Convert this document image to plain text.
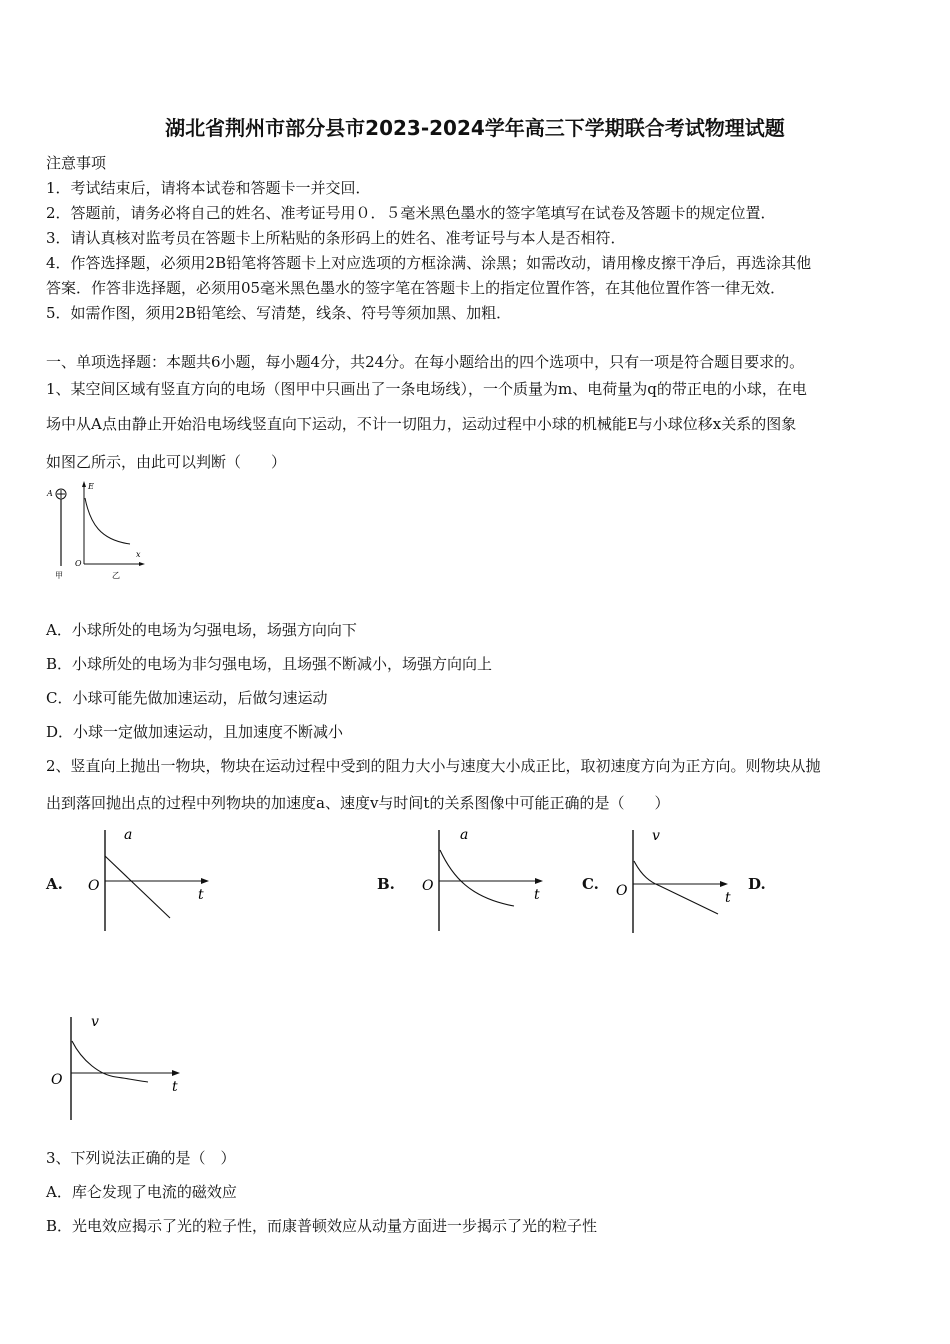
湖北省荆州市部分县市2023-2024学年高三下学期联合考试物理试题
注意事项
1．考试结束后，请将本试卷和答题卡一并交回．
2．答题前，请务必将自己的姓名、准考证号用０．５毫米黑色墨水的签字笔填写在试卷及答题卡的规定位置．
3．请认真核对监考员在答题卡上所粘贴的条形码上的姓名、准考证号与本人是否相符．
4．作答选择题，必须用2B铅笔将答题卡上对应选项的方框涂满、涂黑；如需改动，请用橡皮擦干净后，再选涂其他
答案．作答非选择题，必须用05毫米黑色墨水的签字笔在答题卡上的指定位置作答，在其他位置作答一律无效．
5．如需作图，须用2B铅笔绘、写清楚，线条、符号等须加黑、加粗．
一、单项选择题：本题共6小题，每小题4分，共24分。在每小题给出的四个选项中，只有一项是符合题目要求的。
1、某空间区域有竖直方向的电场（图甲中只画出了一条电场线），一个质量为m、电荷量为q的带正电的小球，在电
场中从A点由静止开始沿电场线竖直向下运动，不计一切阻力，运动过程中小球的机械能E与小球位移x关系的图象
如图乙所示，由此可以判断（　　）
A
甲
E
x
O
乙
A．小球所处的电场为匀强电场，场强方向向下
B．小球所处的电场为非匀强电场，且场强不断减小，场强方向向上
C．小球可能先做加速运动，后做匀速运动
D．小球一定做加速运动，且加速度不断减小
2、竖直向上抛出一物块，物块在运动过程中受到的阻力大小与速度大小成正比，取初速度方向为正方向。则物块从抛
出到落回抛出点的过程中列物块的加速度a、速度v与时间t的关系图像中可能正确的是（　　）
A.
a
O
t
B.
a
O
t
C.
v
O	t
D.
v
O	t
3、下列说法正确的是（　）
A．库仑发现了电流的磁效应
B．光电效应揭示了光的粒子性，而康普顿效应从动量方面进一步揭示了光的粒子性
